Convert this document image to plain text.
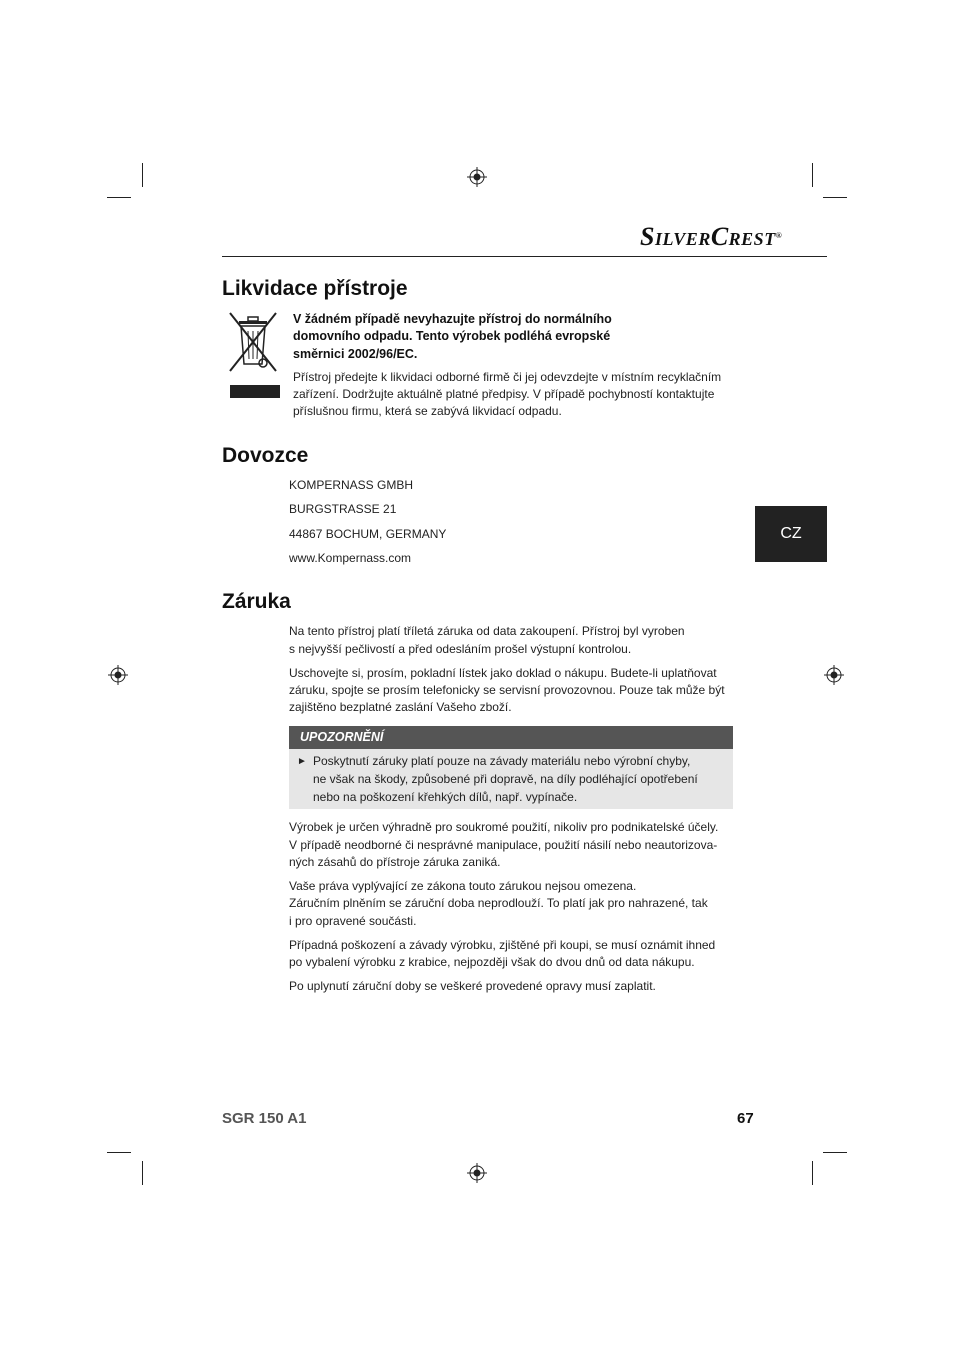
SILVERCREST®
CZ
Likvidace přístroje

V žádném případě nevyhazujte přístroj do normálního

domovního odpadu. Tento výrobek podléhá evropské

směrnici 2002/96/EC.

Přístroj předejte k likvidaci odborné firmě či jej odevzdejte v místním recyklačním

zařízení. Dodržujte aktuálně platné předpisy. V případě pochybností kontaktujte

příslušnou firmu, která se zabývá likvidací odpadu.

Dovozce

KOMPERNASS GMBH

BURGSTRASSE 21

44867 BOCHUM, GERMANY

www.Kompernass.com

Záruka

Na tento přístroj platí tříletá záruka od data zakoupení. Přístroj byl vyroben

s nejvyšší pečlivostí a před odesláním prošel výstupní kontrolou.

Uschovejte si, prosím, pokladní lístek jako doklad o nákupu. Budete-li uplatňovat

záruku, spojte se prosím telefonicky se servisní provozovnou. Pouze tak může být

zajištěno bezplatné zaslání Vašeho zboží.

UPOZORNĚNÍ
► Poskytnutí záruky platí pouze na závady materiálu nebo výrobní chyby,

ne však na škody, způsobené při dopravě, na díly podléhající opotřebení

nebo na poškození křehkých dílů, např. vypínače.

Výrobek je určen výhradně pro soukromé použití, nikoliv pro podnikatelské účely.

V případě neodborné či nesprávné manipulace, použití násilí nebo neautorizova-

ných zásahů do přístroje záruka zaniká.

Vaše práva vyplývající ze zákona touto zárukou nejsou omezena.

Záručním plněním se záruční doba neprodlouží. To platí jak pro nahrazené, tak

i pro opravené součásti.

Případná poškození a závady výrobku, zjištěné při koupi, se musí oznámit ihned

po vybalení výrobku z krabice, nejpozději však do dvou dnů od data nákupu.

Po uplynutí záruční doby se veškeré provedené opravy musí zaplatit.

SGR 150 A1	67
